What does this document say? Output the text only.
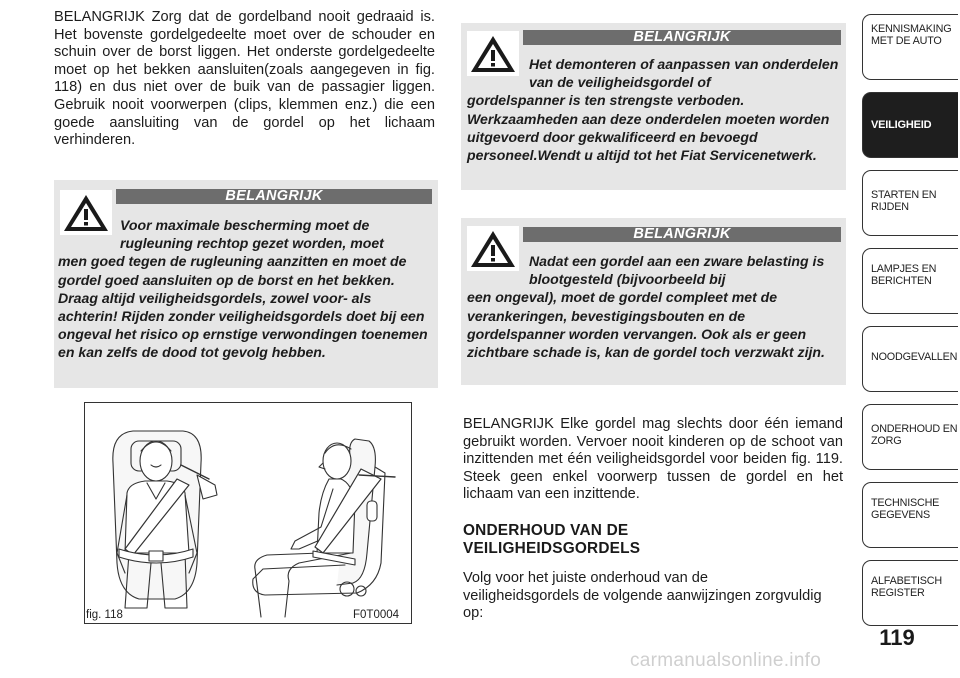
BELANGRIJK Zorg dat de gordelband nooit gedraaid is. Het bovenste gordelgedeelte moet over de schouder en schuin over de borst liggen. Het onderste gordelgedeelte moet op het bekken aansluiten(zoals aangegeven in fig. 118) en dus niet over de buik van de passagier liggen. Gebruik nooit voorwerpen (clips, klemmen enz.) die een goede aansluiting van de gordel op het lichaam verhinderen.

BELANGRIJK

Voor maximale bescherming moet de rugleuning rechtop gezet worden, moet
men goed tegen de rugleuning aanzitten en moet de gordel goed aansluiten op de borst en het bekken. Draag altijd veiligheidsgordels, zowel voor- als achterin! Rijden zonder veiligheidsgordels doet bij een ongeval het risico op ernstige verwondingen toenemen en kan zelfs de dood tot gevolg hebben.

fig. 118	F0T0004
BELANGRIJK

Het demonteren of aanpassen van onderdelen van de veiligheidsgordel of
gordelspanner is ten strengste verboden. Werkzaamheden aan deze onderdelen moeten worden uitgevoerd door gekwalificeerd en bevoegd personeel.Wendt u altijd tot het Fiat Servicenetwerk.

BELANGRIJK

Nadat een gordel aan een zware belasting is blootgesteld (bijvoorbeeld bij
een ongeval), moet de gordel compleet met de verankeringen, bevestigingsbouten en de gordelspanner worden vervangen. Ook als er geen zichtbare schade is, kan de gordel toch verzwakt zijn.

BELANGRIJK Elke gordel mag slechts door één iemand gebruikt worden. Vervoer nooit kinderen op de schoot van inzittenden met één veiligheidsgordel voor beiden fig. 119. Steek geen enkel voorwerp tussen de gordel en het lichaam van een inzittende.

ONDERHOUD VAN DE VEILIGHEIDSGORDELS

Volg voor het juiste onderhoud van de veiligheidsgordels de volgende aanwijzingen zorgvuldig op:

KENNISMAKING
MET DE AUTO
VEILIGHEID
STARTEN EN RIJDEN
LAMPJES EN
BERICHTEN
NOODGEVALLEN
ONDERHOUD EN
ZORG
TECHNISCHE
GEGEVENS
ALFABETISCH
REGISTER
119
carmanualsonline.info
